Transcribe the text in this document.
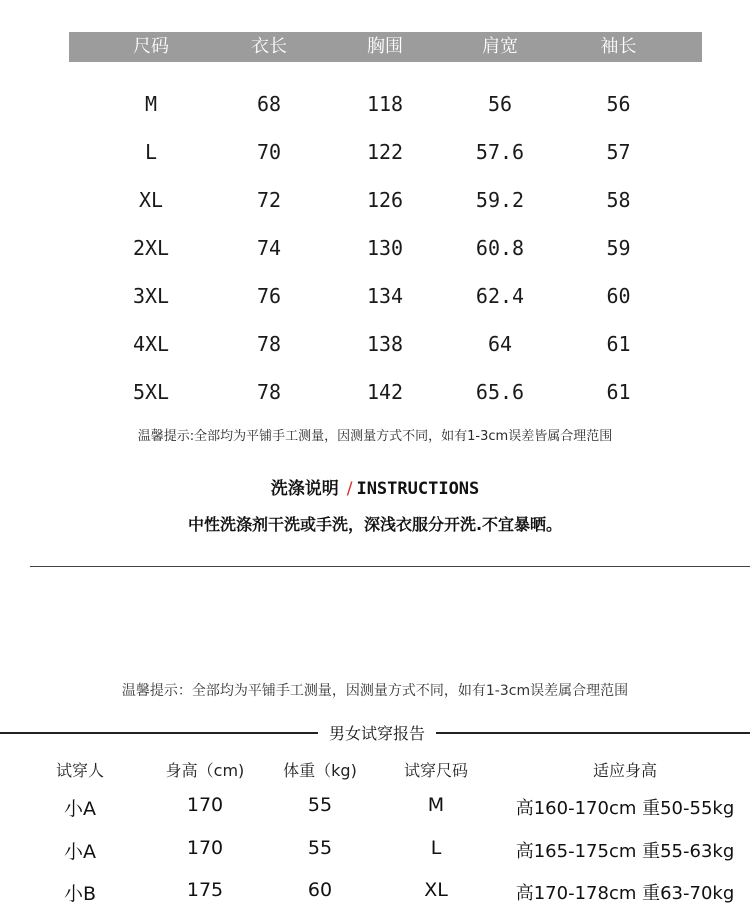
尺码	衣长	胸围	肩宽	袖长
M	68	118	56	56
L	70	122	57.6	57
XL	72	126	59.2	58
2XL	74	130	60.8	59
3XL	76	134	62.4	60
4XL	78	138	64	61
5XL	78	142	65.6	61
温馨提示:全部均为平铺手工测量，因测量方式不同，如有1-3cm误差皆属合理范围
洗涤说明 / INSTRUCTIONS
中性洗涤剂干洗或手洗，深浅衣服分开洗.不宜暴晒。
温馨提示：全部均为平铺手工测量，因测量方式不同，如有1-3cm误差属合理范围
男女试穿报告
试穿人	身高（cm)	体重（kg)	试穿尺码	适应身高
小A	170	55	M	高160-170cm 重50-55kg
小A	170	55	L	高165-175cm 重55-63kg
小B	175	60	XL	高170-178cm 重63-70kg
